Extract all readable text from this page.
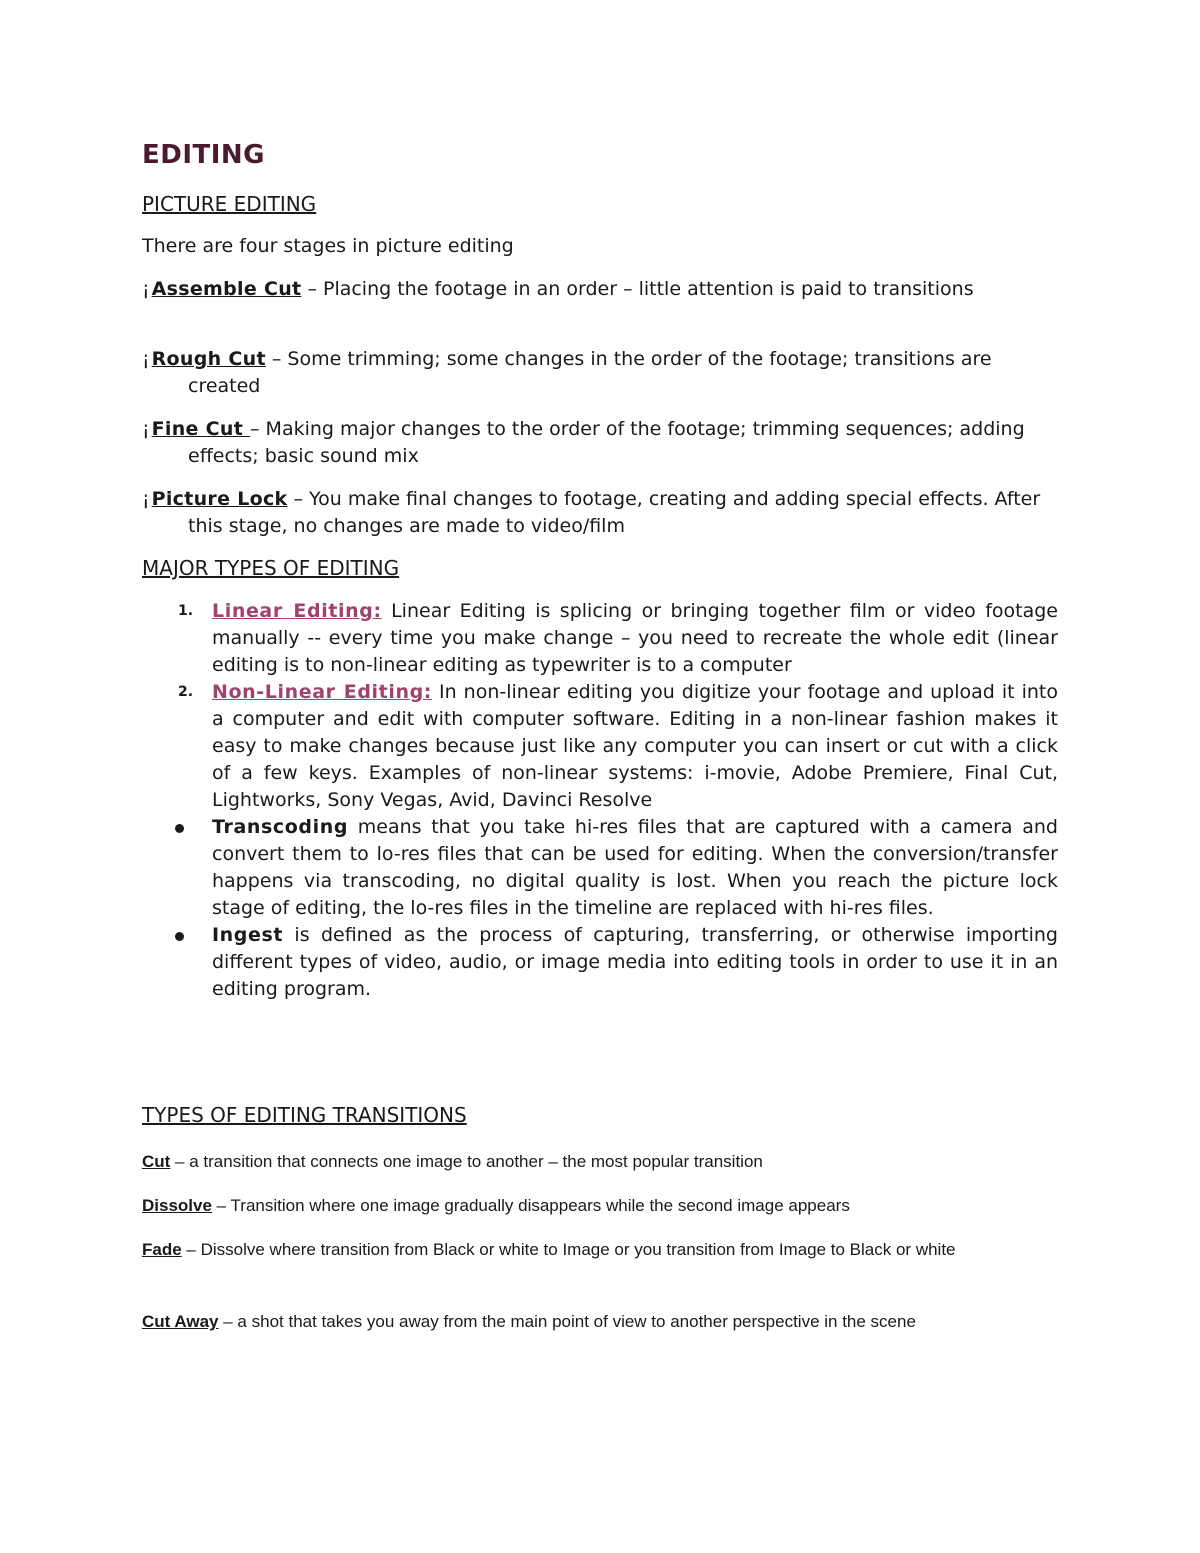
EDITING
PICTURE EDITING

There are four stages in picture editing

¡ Assemble Cut – Placing the footage in an order – little attention is paid to transitions

¡ Rough Cut – Some trimming; some changes in the order of the footage; transitions are created

¡ Fine Cut – Making major changes to the order of the footage; trimming sequences; adding effects; basic sound mix

¡ Picture Lock – You make final changes to footage, creating and adding special effects. After this stage, no changes are made to video/film

MAJOR TYPES OF EDITING
1. Linear Editing: Linear Editing is splicing or bringing together film or video footage manually -- every time you make change – you need to recreate the whole edit (linear editing is to non-linear editing as typewriter is to a computer
2. Non-Linear Editing: In non-linear editing you digitize your footage and upload it into a computer and edit with computer software. Editing in a non-linear fashion makes it easy to make changes because just like any computer you can insert or cut with a click of a few keys. Examples of non-linear systems: i-movie, Adobe Premiere, Final Cut, Lightworks, Sony Vegas, Avid, Davinci Resolve
Transcoding means that you take hi-res files that are captured with a camera and convert them to lo-res files that can be used for editing. When the conversion/transfer happens via transcoding, no digital quality is lost. When you reach the picture lock stage of editing, the lo-res files in the timeline are replaced with hi-res files.
Ingest is defined as the process of capturing, transferring, or otherwise importing different types of video, audio, or image media into editing tools in order to use it in an editing program.
TYPES OF EDITING TRANSITIONS

Cut – a transition that connects one image to another – the most popular transition

Dissolve – Transition where one image gradually disappears while the second image appears

Fade – Dissolve where transition from Black or white to Image or you transition from Image to Black or white

Cut Away – a shot that takes you away from the main point of view to another perspective in the scene
